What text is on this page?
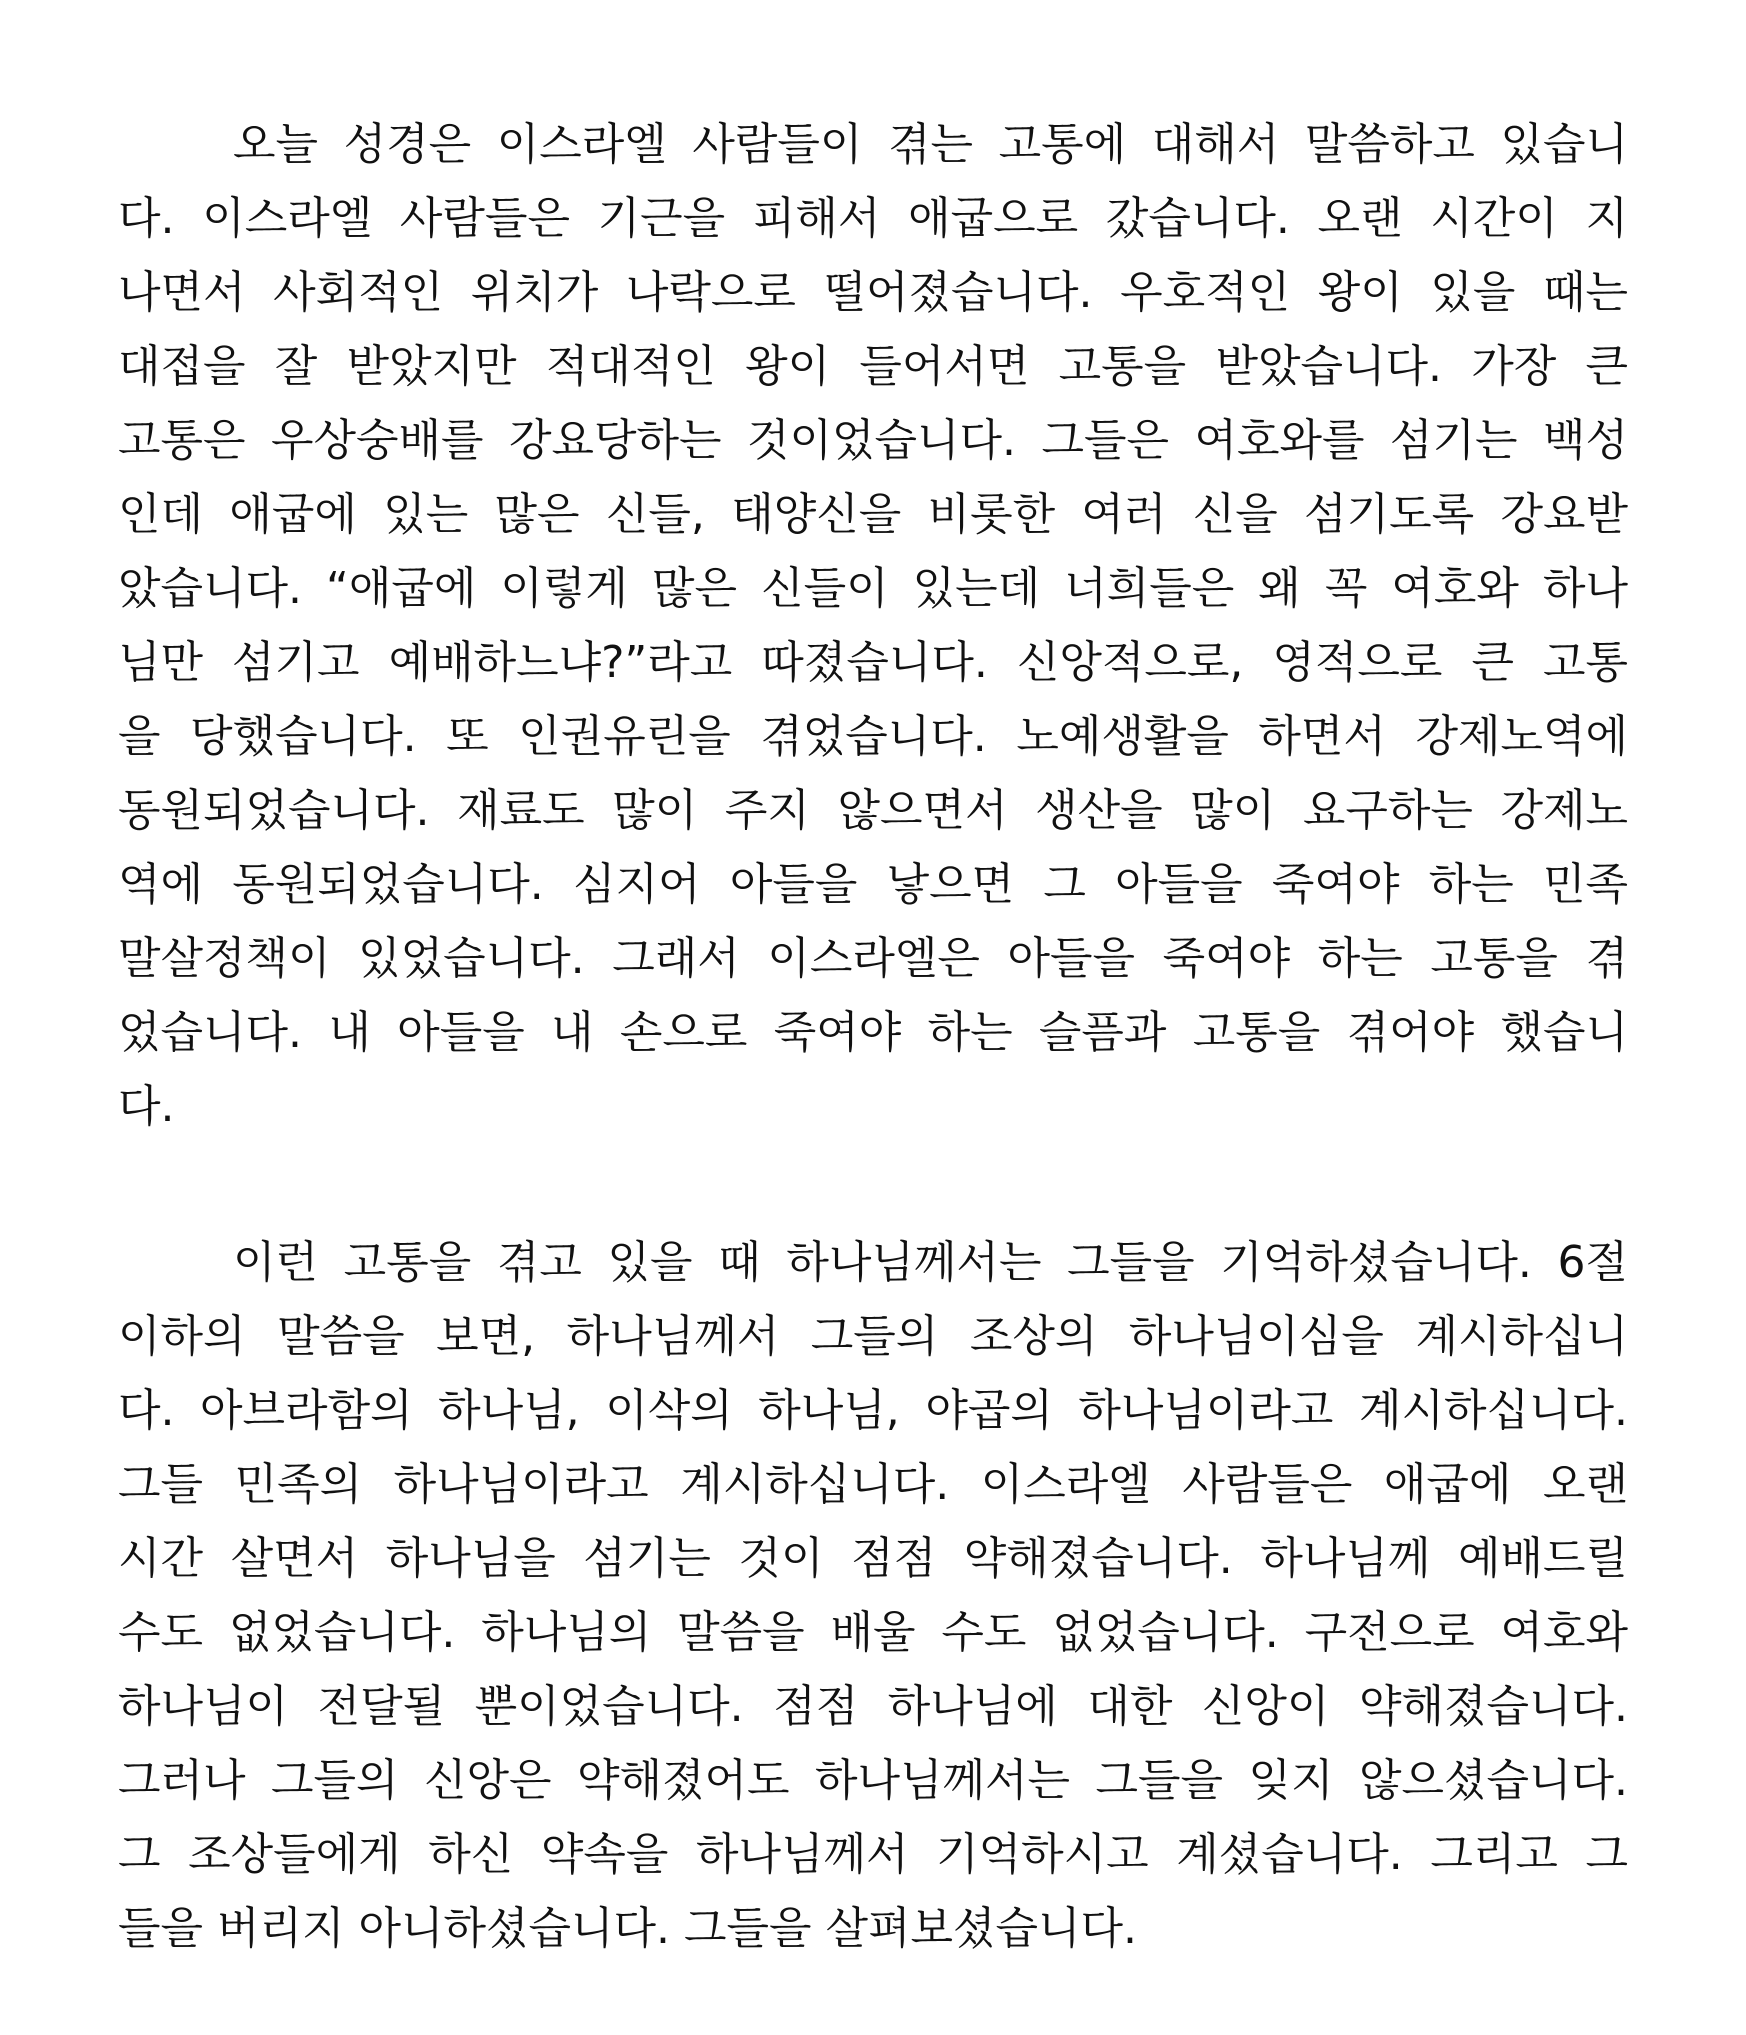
오늘 성경은 이스라엘 사람들이 겪는 고통에 대해서 말씀하고 있습니
다. 이스라엘 사람들은 기근을 피해서 애굽으로 갔습니다. 오랜 시간이 지
나면서 사회적인 위치가 나락으로 떨어졌습니다. 우호적인 왕이 있을 때는
대접을 잘 받았지만 적대적인 왕이 들어서면 고통을 받았습니다. 가장 큰
고통은 우상숭배를 강요당하는 것이었습니다. 그들은 여호와를 섬기는 백성
인데 애굽에 있는 많은 신들, 태양신을 비롯한 여러 신을 섬기도록 강요받
았습니다. “애굽에 이렇게 많은 신들이 있는데 너희들은 왜 꼭 여호와 하나
님만 섬기고 예배하느냐?”라고 따졌습니다. 신앙적으로, 영적으로 큰 고통
을 당했습니다. 또 인권유린을 겪었습니다. 노예생활을 하면서 강제노역에
동원되었습니다. 재료도 많이 주지 않으면서 생산을 많이 요구하는 강제노
역에 동원되었습니다. 심지어 아들을 낳으면 그 아들을 죽여야 하는 민족
말살정책이 있었습니다. 그래서 이스라엘은 아들을 죽여야 하는 고통을 겪
었습니다. 내 아들을 내 손으로 죽여야 하는 슬픔과 고통을 겪어야 했습니
다.

이런 고통을 겪고 있을 때 하나님께서는 그들을 기억하셨습니다. 6절
이하의 말씀을 보면, 하나님께서 그들의 조상의 하나님이심을 계시하십니
다. 아브라함의 하나님, 이삭의 하나님, 야곱의 하나님이라고 계시하십니다.
그들 민족의 하나님이라고 계시하십니다. 이스라엘 사람들은 애굽에 오랜
시간 살면서 하나님을 섬기는 것이 점점 약해졌습니다. 하나님께 예배드릴
수도 없었습니다. 하나님의 말씀을 배울 수도 없었습니다. 구전으로 여호와
하나님이 전달될 뿐이었습니다. 점점 하나님에 대한 신앙이 약해졌습니다.
그러나 그들의 신앙은 약해졌어도 하나님께서는 그들을 잊지 않으셨습니다.
그 조상들에게 하신 약속을 하나님께서 기억하시고 계셨습니다. 그리고 그
들을 버리지 아니하셨습니다. 그들을 살펴보셨습니다.
